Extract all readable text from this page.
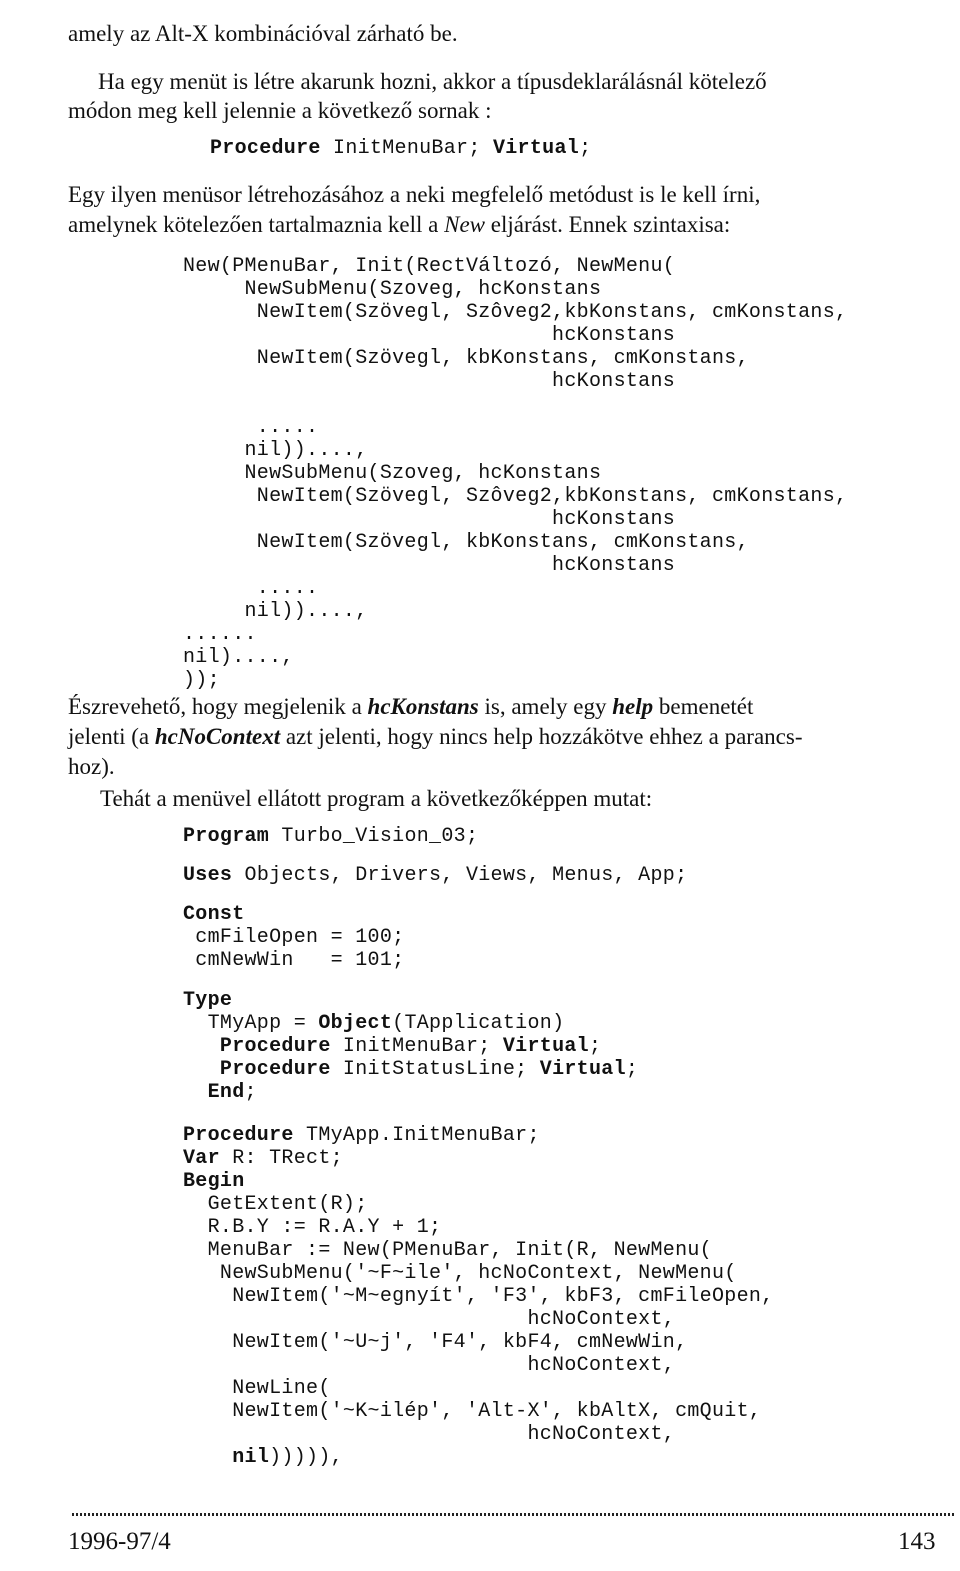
amely az Alt-X kombinációval zárható be.
Ha egy menüt is létre akarunk hozni, akkor a típusdeklarálásnál kötelező
módon meg kell jelennie a következő sornak :
Procedure InitMenuBar; Virtual;
Egy ilyen menüsor létrehozásához a neki megfelelő metódust is le kell írni,
amelynek kötelezően tartalmaznia kell a New eljárást. Ennek szintaxisa:
New(PMenuBar, Init(RectVáltozó, NewMenu(
NewSubMenu(Szoveg, hcKonstans
NewItem(Szövegl, Szôveg2,kbKonstans, cmKonstans,
hcKonstans
NewItem(Szövegl, kbKonstans, cmKonstans,
hcKonstans

.....
nil))....,
NewSubMenu(Szoveg, hcKonstans
NewItem(Szövegl, Szôveg2,kbKonstans, cmKonstans,
hcKonstans
NewItem(Szövegl, kbKonstans, cmKonstans,
hcKonstans
.....
nil))....,
......
nil)....,
));
Észrevehető, hogy megjelenik a hcKonstans is, amely egy help bemenetét
jelenti (a hcNoContext azt jelenti, hogy nincs help hozzákötve ehhez a parancs-
hoz).
Tehát a menüvel ellátott program a következőképpen mutat:
Program Turbo_Vision_03;
Uses Objects, Drivers, Views, Menus, App;
Const
cmFileOpen = 100;
cmNewWin   = 101;
Type
TMyApp = Object(TApplication)
Procedure InitMenuBar; Virtual;
Procedure InitStatusLine; Virtual;
End;
Procedure TMyApp.InitMenuBar;
Var R: TRect;
Begin
GetExtent(R);
R.B.Y := R.A.Y + 1;
MenuBar := New(PMenuBar, Init(R, NewMenu(
NewSubMenu('~F~ile', hcNoContext, NewMenu(
NewItem('~M~egnyít', 'F3', kbF3, cmFileOpen,
hcNoContext,
NewItem('~U~j', 'F4', kbF4, cmNewWin,
hcNoContext,
NewLine(
NewItem('~K~ilép', 'Alt-X', kbAltX, cmQuit,
hcNoContext,
nil))))),
1996-97/4	143
